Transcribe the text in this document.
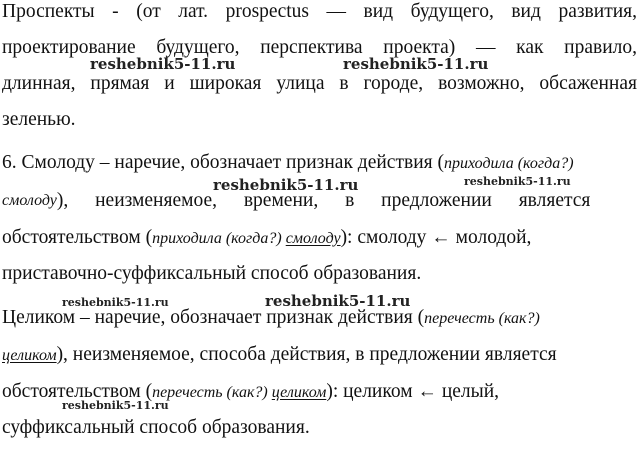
Проспекты - (от лат. prospectus — вид будущего, вид развития,
проектирование будущего, перспектива проекта) — как правило,
длинная, прямая и широкая улица в городе, возможно, обсаженная
зеленью.
6. Смолоду – наречие, обозначает признак действия (приходила (когда?)
смолоду ), неизменяемое, времени, в предложении является
обстоятельством (приходила (когда?) смолоду): смолоду ← молодой,
приставочно-суффиксальный способ образования.
Целиком – наречие, обозначает признак действия (перечесть (как?)
целиком), неизменяемое, способа действия, в предложении является
обстоятельством (перечесть (как?) целиком): целиком ← целый,
суффиксальный способ образования.
reshebnik5-11.ru	reshebnik5-11.ru
reshebnik5-11.ru	reshebnik5-11.ru
reshebnik5-11.ru	reshebnik5-11.ru
reshebnik5-11.ru
